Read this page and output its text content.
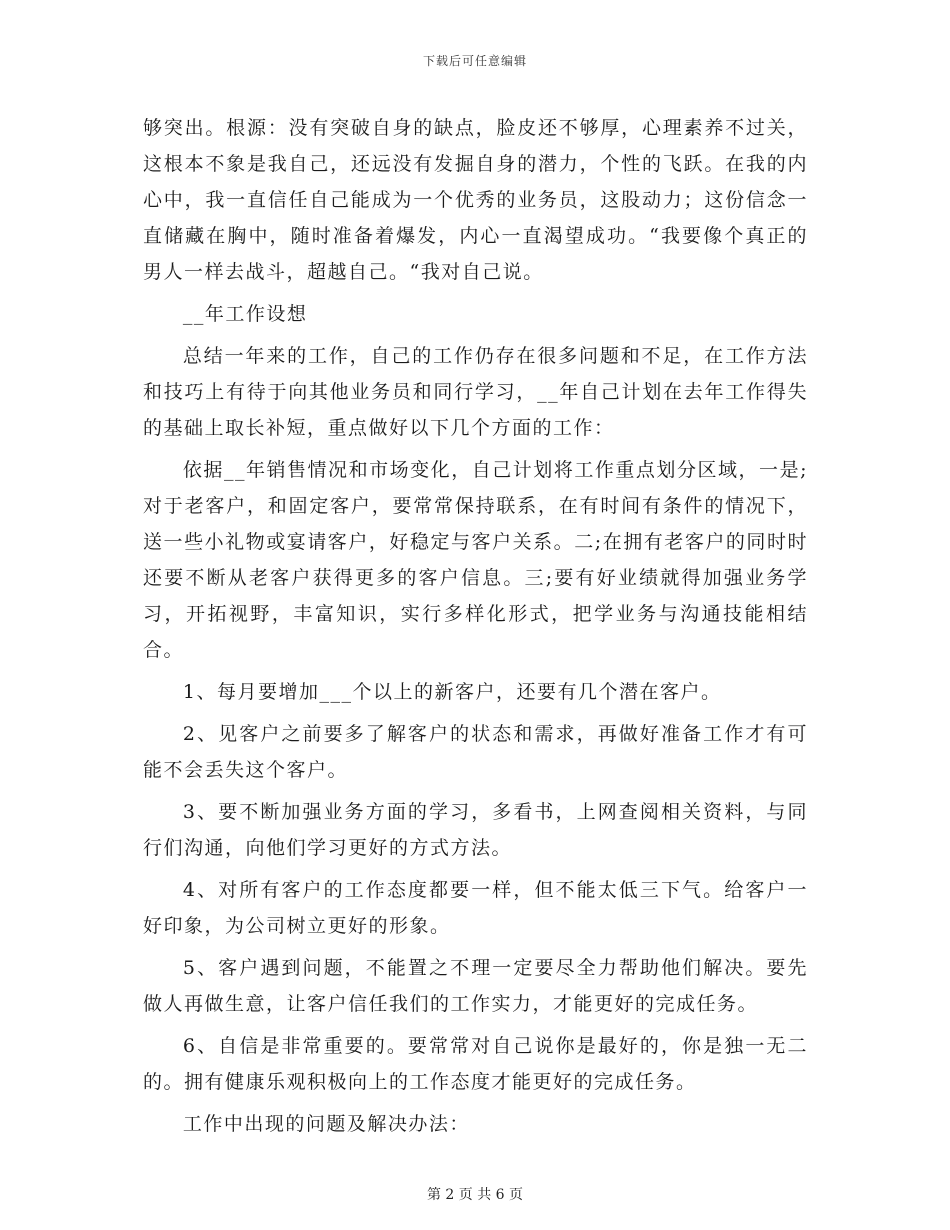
下载后可任意编辑

够突出。根源：没有突破自身的缺点，脸皮还不够厚，心理素养不过关，这根本不象是我自己，还远没有发掘自身的潜力，个性的飞跃。在我的内心中，我一直信任自己能成为一个优秀的业务员，这股动力；这份信念一直储藏在胸中，随时准备着爆发，内心一直渴望成功。“我要像个真正的男人一样去战斗，超越自己。“我对自己说。

__年工作设想

总结一年来的工作，自己的工作仍存在很多问题和不足，在工作方法和技巧上有待于向其他业务员和同行学习，__年自己计划在去年工作得失的基础上取长补短，重点做好以下几个方面的工作：

依据__年销售情况和市场变化，自己计划将工作重点划分区域，一是;对于老客户，和固定客户，要常常保持联系，在有时间有条件的情况下，送一些小礼物或宴请客户，好稳定与客户关系。二;在拥有老客户的同时时还要不断从老客户获得更多的客户信息。三;要有好业绩就得加强业务学习，开拓视野，丰富知识，实行多样化形式，把学业务与沟通技能相结合。

1、每月要增加___个以上的新客户，还要有几个潜在客户。

2、见客户之前要多了解客户的状态和需求，再做好准备工作才有可能不会丢失这个客户。

3、要不断加强业务方面的学习，多看书，上网查阅相关资料，与同行们沟通，向他们学习更好的方式方法。

4、对所有客户的工作态度都要一样，但不能太低三下气。给客户一好印象，为公司树立更好的形象。

5、客户遇到问题，不能置之不理一定要尽全力帮助他们解决。要先做人再做生意，让客户信任我们的工作实力，才能更好的完成任务。

6、自信是非常重要的。要常常对自己说你是最好的，你是独一无二的。拥有健康乐观积极向上的工作态度才能更好的完成任务。

工作中出现的问题及解决办法：

第 2 页 共 6 页
